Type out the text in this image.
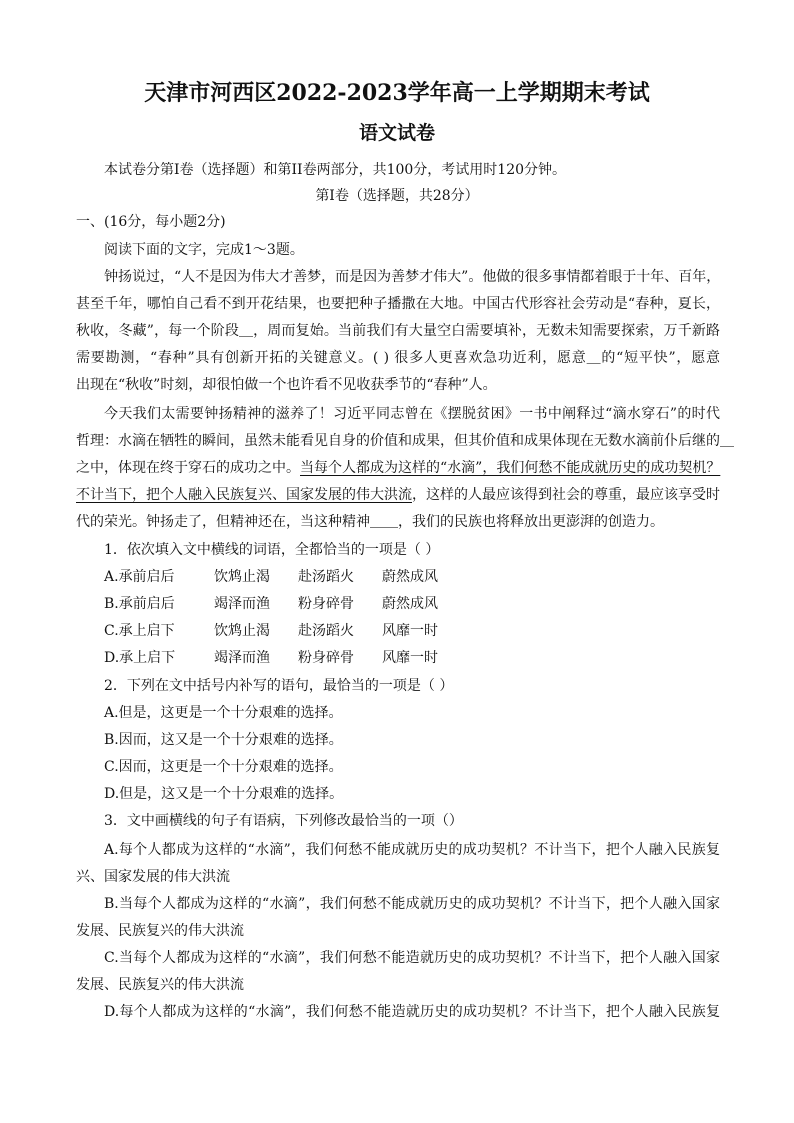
天津市河西区2022-2023学年高一上学期期末考试
语文试卷
本试卷分第Ⅰ卷（选择题）和第II卷两部分，共100分，考试用时120分钟。
第Ⅰ卷（选择题，共28分）
一、(16分，每小题2分)
阅读下面的文字，完成1～3题。
钟扬说过，“人不是因为伟大才善梦，而是因为善梦才伟大”。他做的很多事情都着眼于十年、百年，
甚至千年，哪怕自己看不到开花结果，也要把种子播撒在大地。中国古代形容社会劳动是“春种，夏长，
秋收，冬藏”，每一个阶段＿，周而复始。当前我们有大量空白需要填补，无数未知需要探索，万千新路
需要勘测，“春种”具有创新开拓的关键意义。( ) 很多人更喜欢急功近利，愿意＿的“短平快”，愿意
出现在“秋收”时刻，却很怕做一个也许看不见收获季节的“春种”人。
今天我们太需要钟扬精神的滋养了！习近平同志曾在《摆脱贫困》一书中阐释过“滴水穿石”的时代
哲理：水滴在牺牲的瞬间，虽然未能看见自身的价值和成果，但其价值和成果体现在无数水滴前仆后继的＿
之中，体现在终于穿石的成功之中。当每个人都成为这样的“水滴”，我们何愁不能成就历史的成功契机？
不计当下，把个人融入民族复兴、国家发展的伟大洪流，这样的人最应该得到社会的尊重，最应该享受时
代的荣光。钟扬走了，但精神还在，当这种精神＿＿，我们的民族也将释放出更澎湃的创造力。
1．依次填入文中横线的词语，全都恰当的一项是（ ）
A.承前启后	饮鸩止渴 赴汤蹈火 蔚然成风
B.承前启后	竭泽而渔 粉身碎骨 蔚然成风
C.承上启下	饮鸩止渴 赴汤蹈火 风靡一时
D.承上启下	竭泽而渔 粉身碎骨 风靡一时
2．下列在文中括号内补写的语句，最恰当的一项是（ ）
A.但是，这更是一个十分艰难的选择。
B.因而，这又是一个十分艰难的选择。
C.因而，这更是一个十分艰难的选择。
D.但是，这又是一个十分艰难的选择。
3．文中画横线的句子有语病，下列修改最恰当的一项（）
A.每个人都成为这样的“水滴”，我们何愁不能成就历史的成功契机？不计当下，把个人融入民族复
兴、国家发展的伟大洪流
B.当每个人都成为这样的“水滴”，我们何愁不能成就历史的成功契机？不计当下，把个人融入国家
发展、民族复兴的伟大洪流
C.当每个人都成为这样的“水滴”，我们何愁不能造就历史的成功契机？不计当下，把个人融入国家
发展、民族复兴的伟大洪流
D.每个人都成为这样的“水滴”，我们何愁不能造就历史的成功契机？不计当下，把个人融入民族复
